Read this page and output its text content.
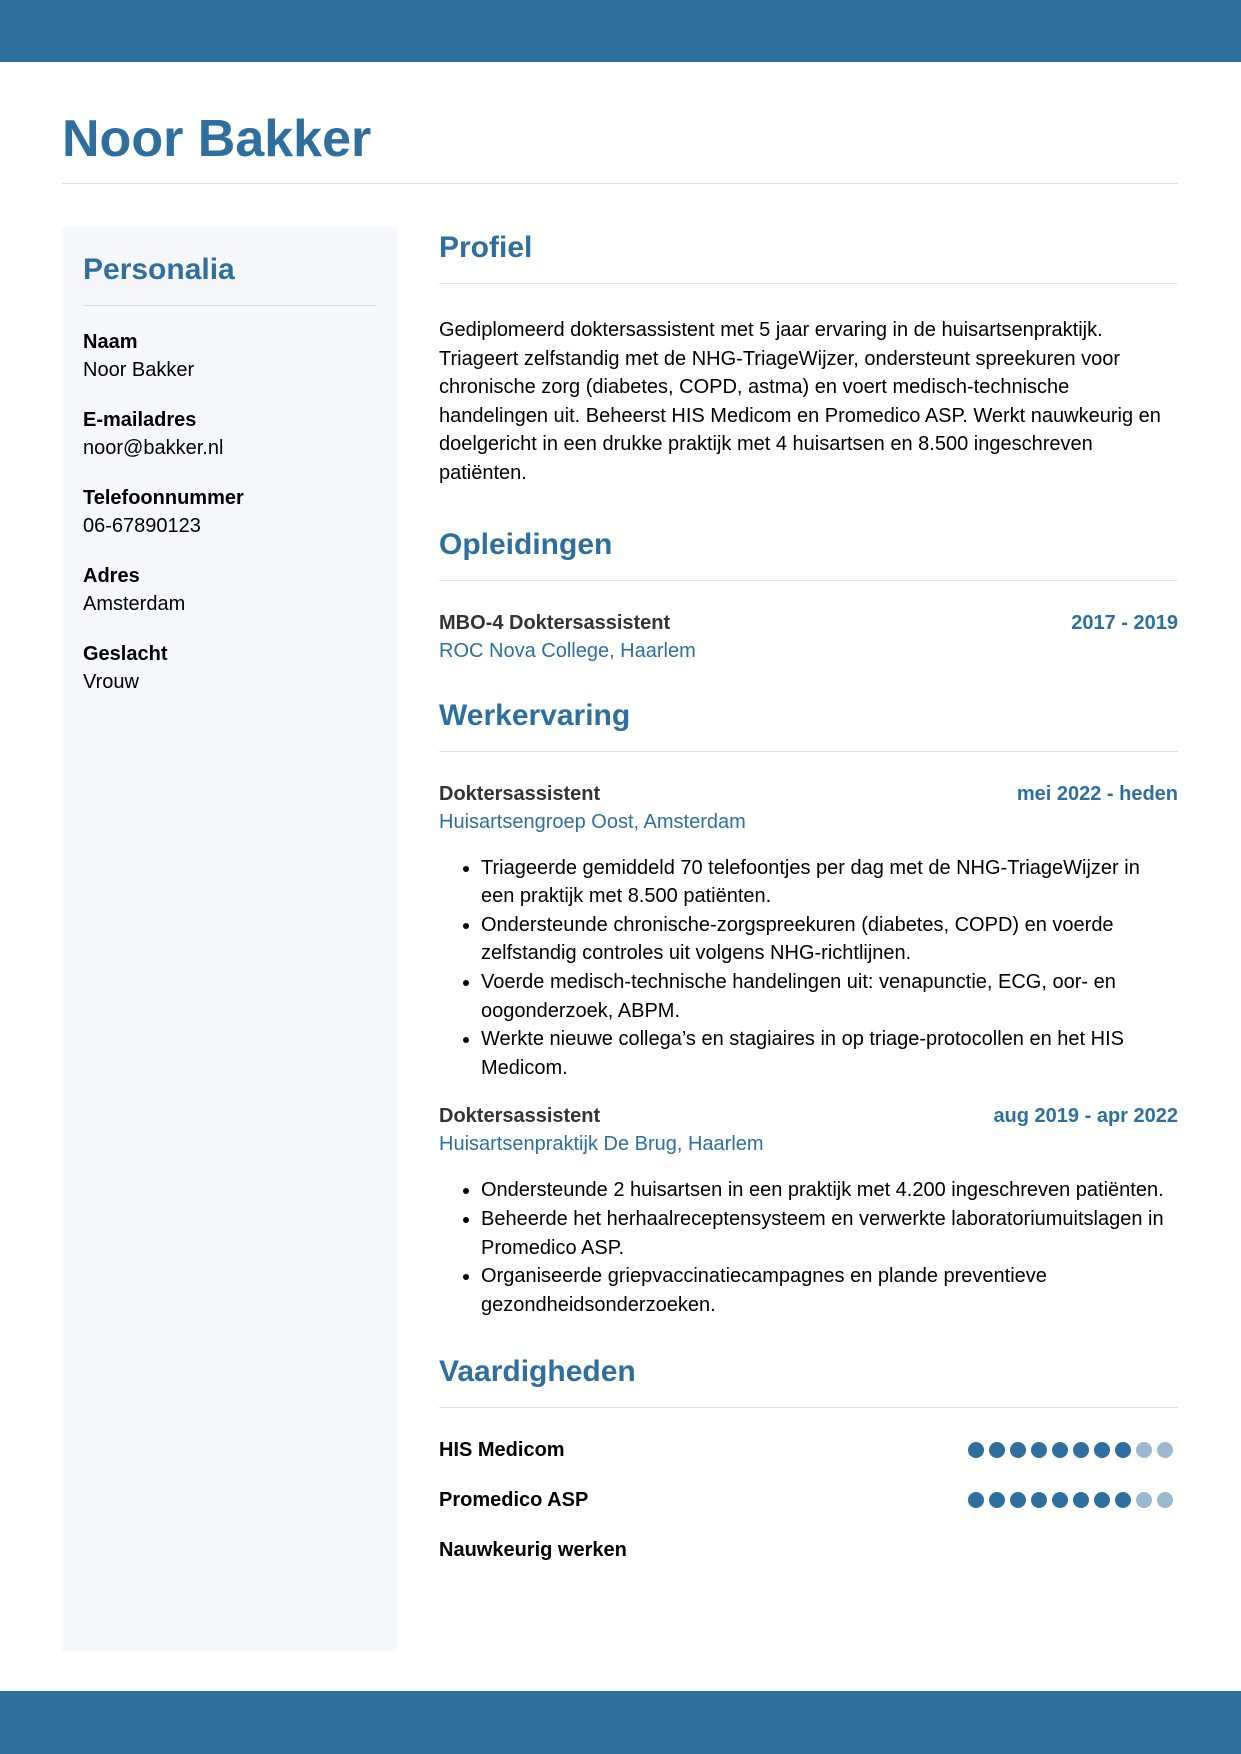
Noor Bakker
Personalia
Naam
Noor Bakker
E-mailadres
noor@bakker.nl
Telefoonnummer
06-67890123
Adres
Amsterdam
Geslacht
Vrouw
Profiel

Gediplomeerd doktersassistent met 5 jaar ervaring in de huisartsenpraktijk. Triageert zelfstandig met de NHG-TriageWijzer, ondersteunt spreekuren voor chronische zorg (diabetes, COPD, astma) en voert medisch-technische handelingen uit. Beheerst HIS Medicom en Promedico ASP. Werkt nauwkeurig en doelgericht in een drukke praktijk met 4 huisartsen en 8.500 ingeschreven patiënten.

Opleidingen
MBO-4 Doktersassistent	2017 - 2019
ROC Nova College, Haarlem
Werkervaring
Doktersassistent	mei 2022 - heden
Huisartsengroep Oost, Amsterdam
• Triageerde gemiddeld 70 telefoontjes per dag met de NHG-TriageWijzer in een praktijk met 8.500 patiënten.
• Ondersteunde chronische-zorgspreekuren (diabetes, COPD) en voerde zelfstandig controles uit volgens NHG-richtlijnen.
• Voerde medisch-technische handelingen uit: venapunctie, ECG, oor- en oogonderzoek, ABPM.
• Werkte nieuwe collega’s en stagiaires in op triage-protocollen en het HIS Medicom.
Doktersassistent	aug 2019 - apr 2022
Huisartsenpraktijk De Brug, Haarlem
• Ondersteunde 2 huisartsen in een praktijk met 4.200 ingeschreven patiënten.
• Beheerde het herhaalreceptensysteem en verwerkte laboratoriumuitslagen in Promedico ASP.
• Organiseerde griepvaccinatiecampagnes en plande preventieve gezondheidsonderzoeken.
Vaardigheden
HIS Medicom
Promedico ASP
Nauwkeurig werken
